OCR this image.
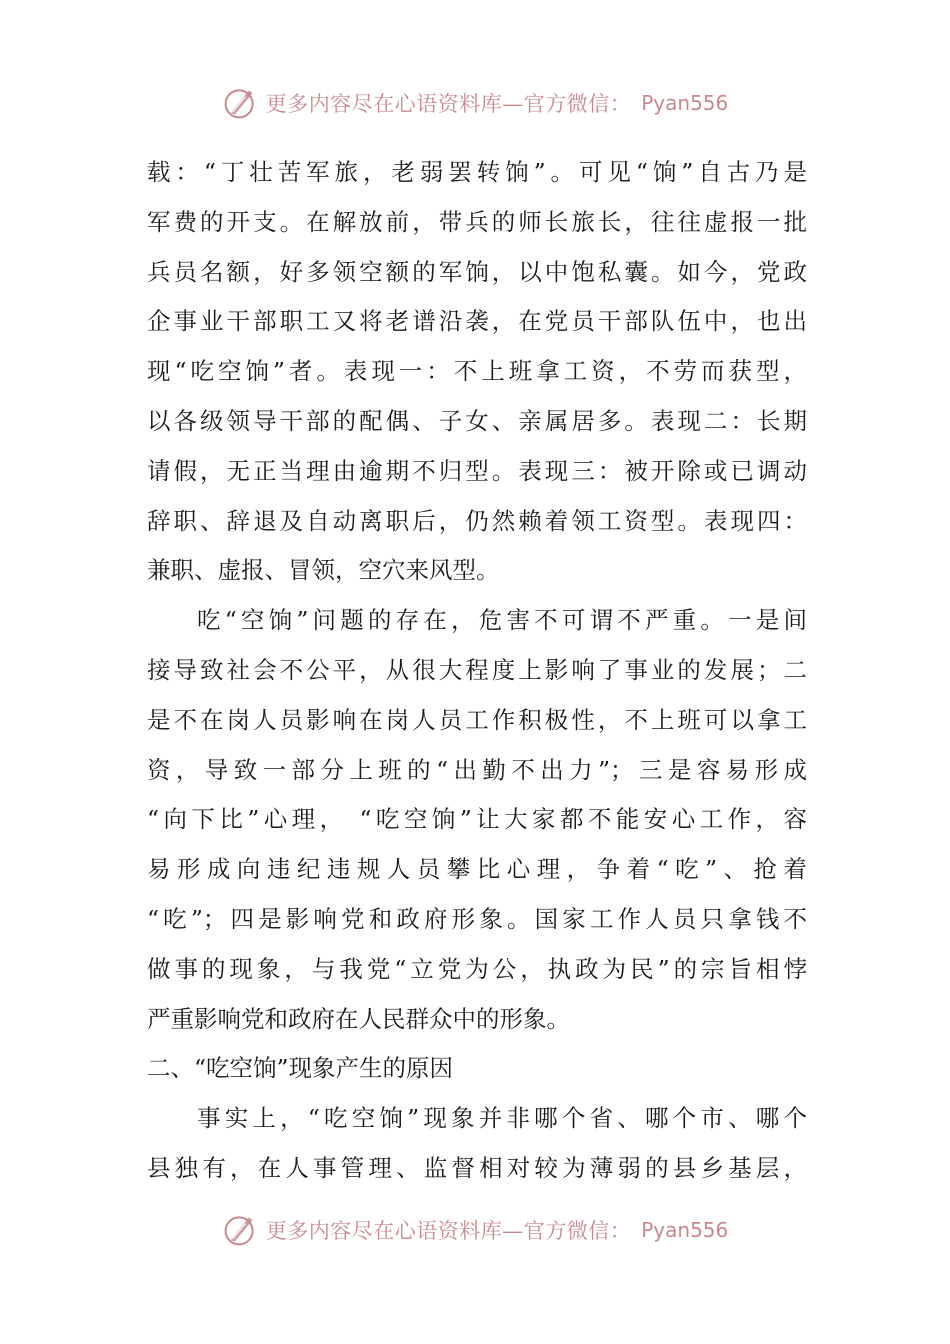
更多内容尽在心语资料库—官方微信： Pyan556
载：“丁壮苦军旅，老弱罢转饷”。可见“饷”自古乃是
军费的开支。在解放前，带兵的师长旅长，往往虚报一批
兵员名额，好多领空额的军饷，以中饱私囊。如今，党政
企事业干部职工又将老谱沿袭，在党员干部队伍中，也出
现“吃空饷”者。表现一：不上班拿工资，不劳而获型，
以各级领导干部的配偶、子女、亲属居多。表现二：长期
请假，无正当理由逾期不归型。表现三：被开除或已调动
辞职、辞退及自动离职后，仍然赖着领工资型。表现四：
兼职、虚报、冒领，空穴来风型。
吃“空饷”问题的存在，危害不可谓不严重。一是间
接导致社会不公平，从很大程度上影响了事业的发展；二
是不在岗人员影响在岗人员工作积极性，不上班可以拿工
资，导致一部分上班的“出勤不出力”；三是容易形成
“向下比”心理， “吃空饷”让大家都不能安心工作，容
易形成向违纪违规人员攀比心理，争着“吃”、抢着
“吃”；四是影响党和政府形象。国家工作人员只拿钱不
做事的现象，与我党“立党为公，执政为民”的宗旨相悖
严重影响党和政府在人民群众中的形象。
二、“吃空饷”现象产生的原因
事实上，“吃空饷”现象并非哪个省、哪个市、哪个
县独有，在人事管理、监督相对较为薄弱的县乡基层，
更多内容尽在心语资料库—官方微信： Pyan556
